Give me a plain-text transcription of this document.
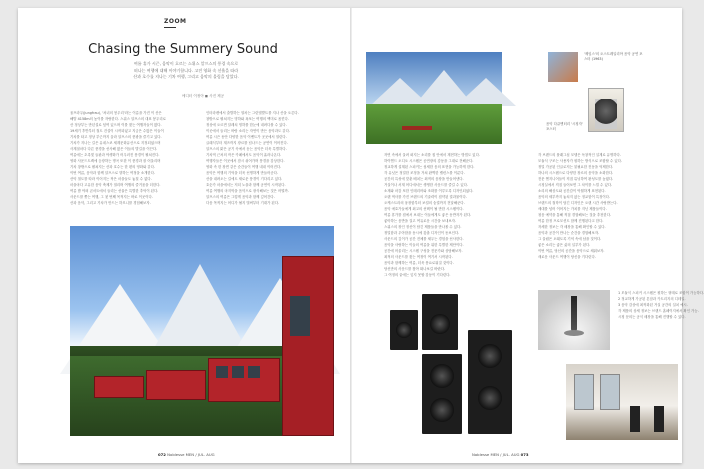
ZOOM
Chasing the Summery Sound
여름 휴가 시즌, 음악이 흐르는 스위스 알프스의 풍경 속으로
떠나는 여행에 대해 이야기합니다. 고전 영화 속 선율을 따라
산과 호수를 지나는 기차 여행, 그리고 음악의 울림을 담았다.
에디터 이정아 ◼ 사진 제공
융프라우(Jungfrau), '처녀의 봉우리'라는 이름을 가진 이 산은
해발 4158m의 높이를 자랑한다. 스위스 알프스의 대표 봉우리로
산 정상부는 만년설로 덮여 있으며 이를 찾는 여행자들이 많다.
19세기 후반부터 철도 건설이 시작되었고 지금은 수많은 이들이
기차를 타고 정상 부근까지 올라 알프스의 풍광을 즐기고 있다.
기차가 지나는 길은 유네스코 세계문화유산으로 지정되었으며
사계절마다 다른 풍경을 선사해 많은 이들의 발길을 이끈다.
여름에는 초록빛 들판과 야생화가 어우러진 풍경이 펼쳐진다.
영화 사운드트랙에 등장하는 명곡 또한 이 풍경과 잘 어울리며
기차 창밖으로 펼쳐지는 산과 호수는 한 편의 영화와 같다.
이번 여름, 음악과 함께 알프스로 향하는 여정을 소개한다.
산악 철도를 따라 이어지는 작은 마을들도 놓칠 수 없다.
마을마다 고유한 음악 축제가 열리며 여행의 즐거움을 더한다.
여름 밤 야외 콘서트에서 들리는 선율은 특별한 추억이 된다.
사운드를 쫓는 여행, 그 첫 번째 목적지는 바로 이곳이다.
산과 음악, 그리고 기차가 만드는 하모니를 경험해보자.
인터라켄에서 출발하는 열차는 그린델발트를 지나 산을 오른다.
창밖으로 펼쳐지는 빙하와 폭포는 여행의 백미로 꼽힌다.
정상에 오르면 알레치 빙하를 한눈에 내려다볼 수 있다.
이곳에서 들리는 바람 소리는 자연이 만든 음악과도 같다.
여름 시즌 동안 다양한 음악 이벤트가 곳곳에서 열린다.
클래식부터 재즈까지 장르를 넘나드는 공연이 이어진다.
알프스의 맑은 공기 속에서 듣는 음악은 더욱 특별하다.
기차역 근처의 작은 카페에서도 음악이 흘러나온다.
여행자들은 이곳에서 잠시 쉬어가며 풍경을 감상한다.
영화 속 한 장면 같은 순간들이 여행 내내 이어진다.
음악은 여행의 기억을 더욱 선명하게 만들어준다.
산을 내려오는 길에도 새로운 풍경이 기다리고 있다.
호숫가 마을에서는 저녁 노을과 함께 공연이 시작된다.
여름 여행의 마지막을 음악으로 장식해보는 것은 어떨까.
알프스의 여름은 그렇게 음악과 함께 깊어간다.
다음 목적지는 어디가 될지 벌써부터 기대가 된다.
072 Noblesse MEN / JUL. AUG
'제임스'의 오스트레일리아 음악 공연 포스터 (1963)
음악 다큐멘터리 '시청자' 포스터
자연 속에서 울려 퍼지는 소리를 집 안에서 재현하는 방법도 있다.
하이엔드 오디오 시스템은 공연장의 감동을 그대로 전해준다.
정교하게 설계된 스피커는 섬세한 음의 표현을 가능하게 한다.
각 유닛은 정밀한 조정을 거쳐 완벽한 밸런스를 이룬다.
공간의 특성에 맞춘 배치는 최적의 음장을 만들어낸다.
거실이나 서재 어디에서든 생생한 사운드를 즐길 수 있다.
소재와 마감 또한 인테리어와 조화를 이루도록 디자인되었다.
오랜 역사를 가진 브랜드의 기술력이 집약된 결과물이다.
오케스트라의 웅장함부터 보컬의 숨결까지 전달해준다.
음악 애호가들에게 최고의 선택이 될 만한 시스템이다.
여름 휴가를 집에서 보내는 이들에게도 좋은 동반자가 된다.
좋아하는 음반을 걸고 여유로운 시간을 보내보자.
스위스의 장인 정신이 담긴 제품들을 만나볼 수 있다.
정밀함과 우아함을 동시에 갖춘 디자인이 돋보인다.
사운드의 깊이가 공간 전체를 채우는 경험을 선사한다.
음악을 사랑하는 이들의 여름을 위한 특별한 제안이다.
공간에 어울리는 시스템 구성을 전문가와 상담해보자.
최적의 사운드를 찾는 여정이 여기서 시작된다.
음악과 함께하는 여름, 더욱 풍요로워질 것이다.
당신만의 사운드를 찾아 떠나보길 바란다.
그 여정의 끝에는 잊지 못할 감동이 기다린다.
각 브랜드의 플래그십 모델은 독창적인 설계로 유명하다.
모듈식 구조는 사용자가 원하는 방식으로 조합할 수 있다.
정밀 가공된 인클로저는 불필요한 진동을 억제한다.
하나의 시스템으로 다양한 장르의 음악을 소화한다.
전문 엔지니어들이 직접 튜닝하여 완성도를 높였다.
시청실에서 직접 들어보면 그 차이를 느낄 수 있다.
소리의 해상도와 공간감이 탁월하게 표현된다.
음악의 세부까지 놓치지 않는 정교함이 특징이다.
브랜드의 철학이 담긴 디자인은 오랜 시간 사랑받는다.
세대를 넘어 이어지는 가치를 지닌 제품들이다.
청음 예약을 통해 직접 경험해보는 것을 추천한다.
여름 한정 프로모션도 함께 진행된다고 한다.
자세한 정보는 각 매장을 통해 확인할 수 있다.
음악과 공간이 만나는 순간을 경험해보자.
그 울림은 오래도록 기억 속에 남을 것이다.
좋은 소리는 좋은 삶의 일부가 된다.
이번 여름, 당신의 공간을 음악으로 채워보자.
새로운 사운드 여행이 당신을 기다린다.
1 모듈식 스피커 시스템은 원하는 형태로 조합이 가능하다.
2 정교하게 가공된 톤암과 카트리지의 디테일.
3 음악 감상에 최적화된 거실 공간의 설치 예시.
각 제품의 상세 정보는 브랜드 홈페이지에서 확인 가능.
시청 문의는 공식 매장을 통해 진행할 수 있다.
Noblesse MEN / JUL. AUG 073
